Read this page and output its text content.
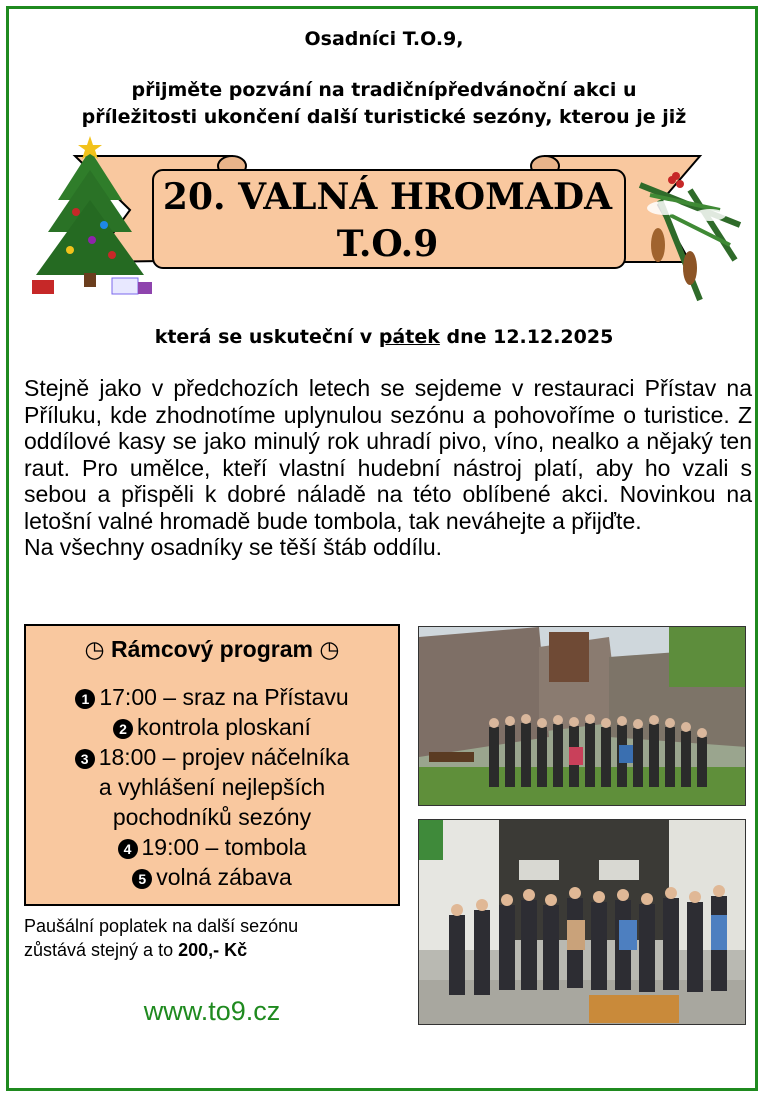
Osadníci T.O.9,
přijměte pozvání na tradičnípředvánoční akci u
příležitosti ukončení další turistické sezóny, kterou je již
20. VALNÁ HROMADA
T.O.9
která se uskuteční v pátek dne 12.12.2025

Stejně jako v předchozích letech se sejdeme v restauraci Přístav na Příluku, kde zhodnotíme uplynulou sezónu a pohovoříme o turistice. Z oddílové kasy se jako minulý rok uhradí pivo, víno, nealko a nějaký ten raut. Pro umělce, kteří vlastní hudební nástroj platí, aby ho vzali s sebou a přispěli k dobré náladě na této oblíbené akci. Novinkou na letošní valné hromadě bude tombola, tak neváhejte a přijďte.

Na všechny osadníky se těší štáb oddílu.

◷ Rámcový program ◷
1 17:00 – sraz na Přístavu
2 kontrola ploskaní
3 18:00 – projev náčelníka
a vyhlášení nejlepších
pochodníků sezóny
4 19:00 – tombola
5 volná zábava
Paušální poplatek na další sezónu
zůstává stejný a to 200,- Kč
www.to9.cz
